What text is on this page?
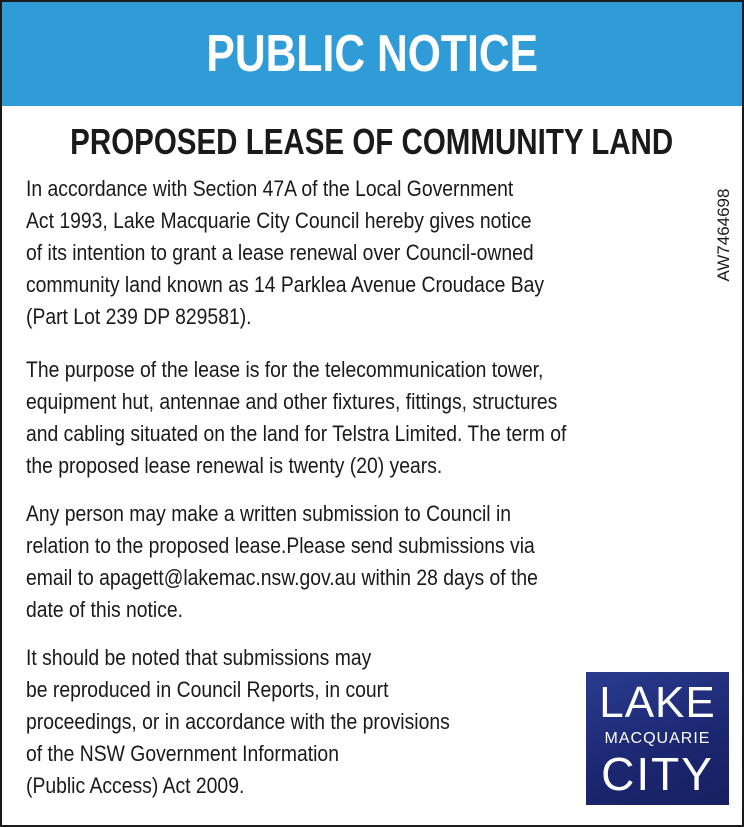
PUBLIC NOTICE
PROPOSED LEASE OF COMMUNITY LAND
AW7464698
In accordance with Section 47A of the Local Government
Act 1993, Lake Macquarie City Council hereby gives notice
of its intention to grant a lease renewal over Council-owned
community land known as 14 Parklea Avenue Croudace Bay
(Part Lot 239 DP 829581).
The purpose of the lease is for the telecommunication tower,
equipment hut, antennae and other fixtures, fittings, structures
and cabling situated on the land for Telstra Limited. The term of
the proposed lease renewal is twenty (20) years.
Any person may make a written submission to Council in
relation to the proposed lease.Please send submissions via
email to apagett@lakemac.nsw.gov.au within 28 days of the
date of this notice.
It should be noted that submissions may
be reproduced in Council Reports, in court
proceedings, or in accordance with the provisions
of the NSW Government Information
(Public Access) Act 2009.
LAKE
MACQUARIE
CITY
